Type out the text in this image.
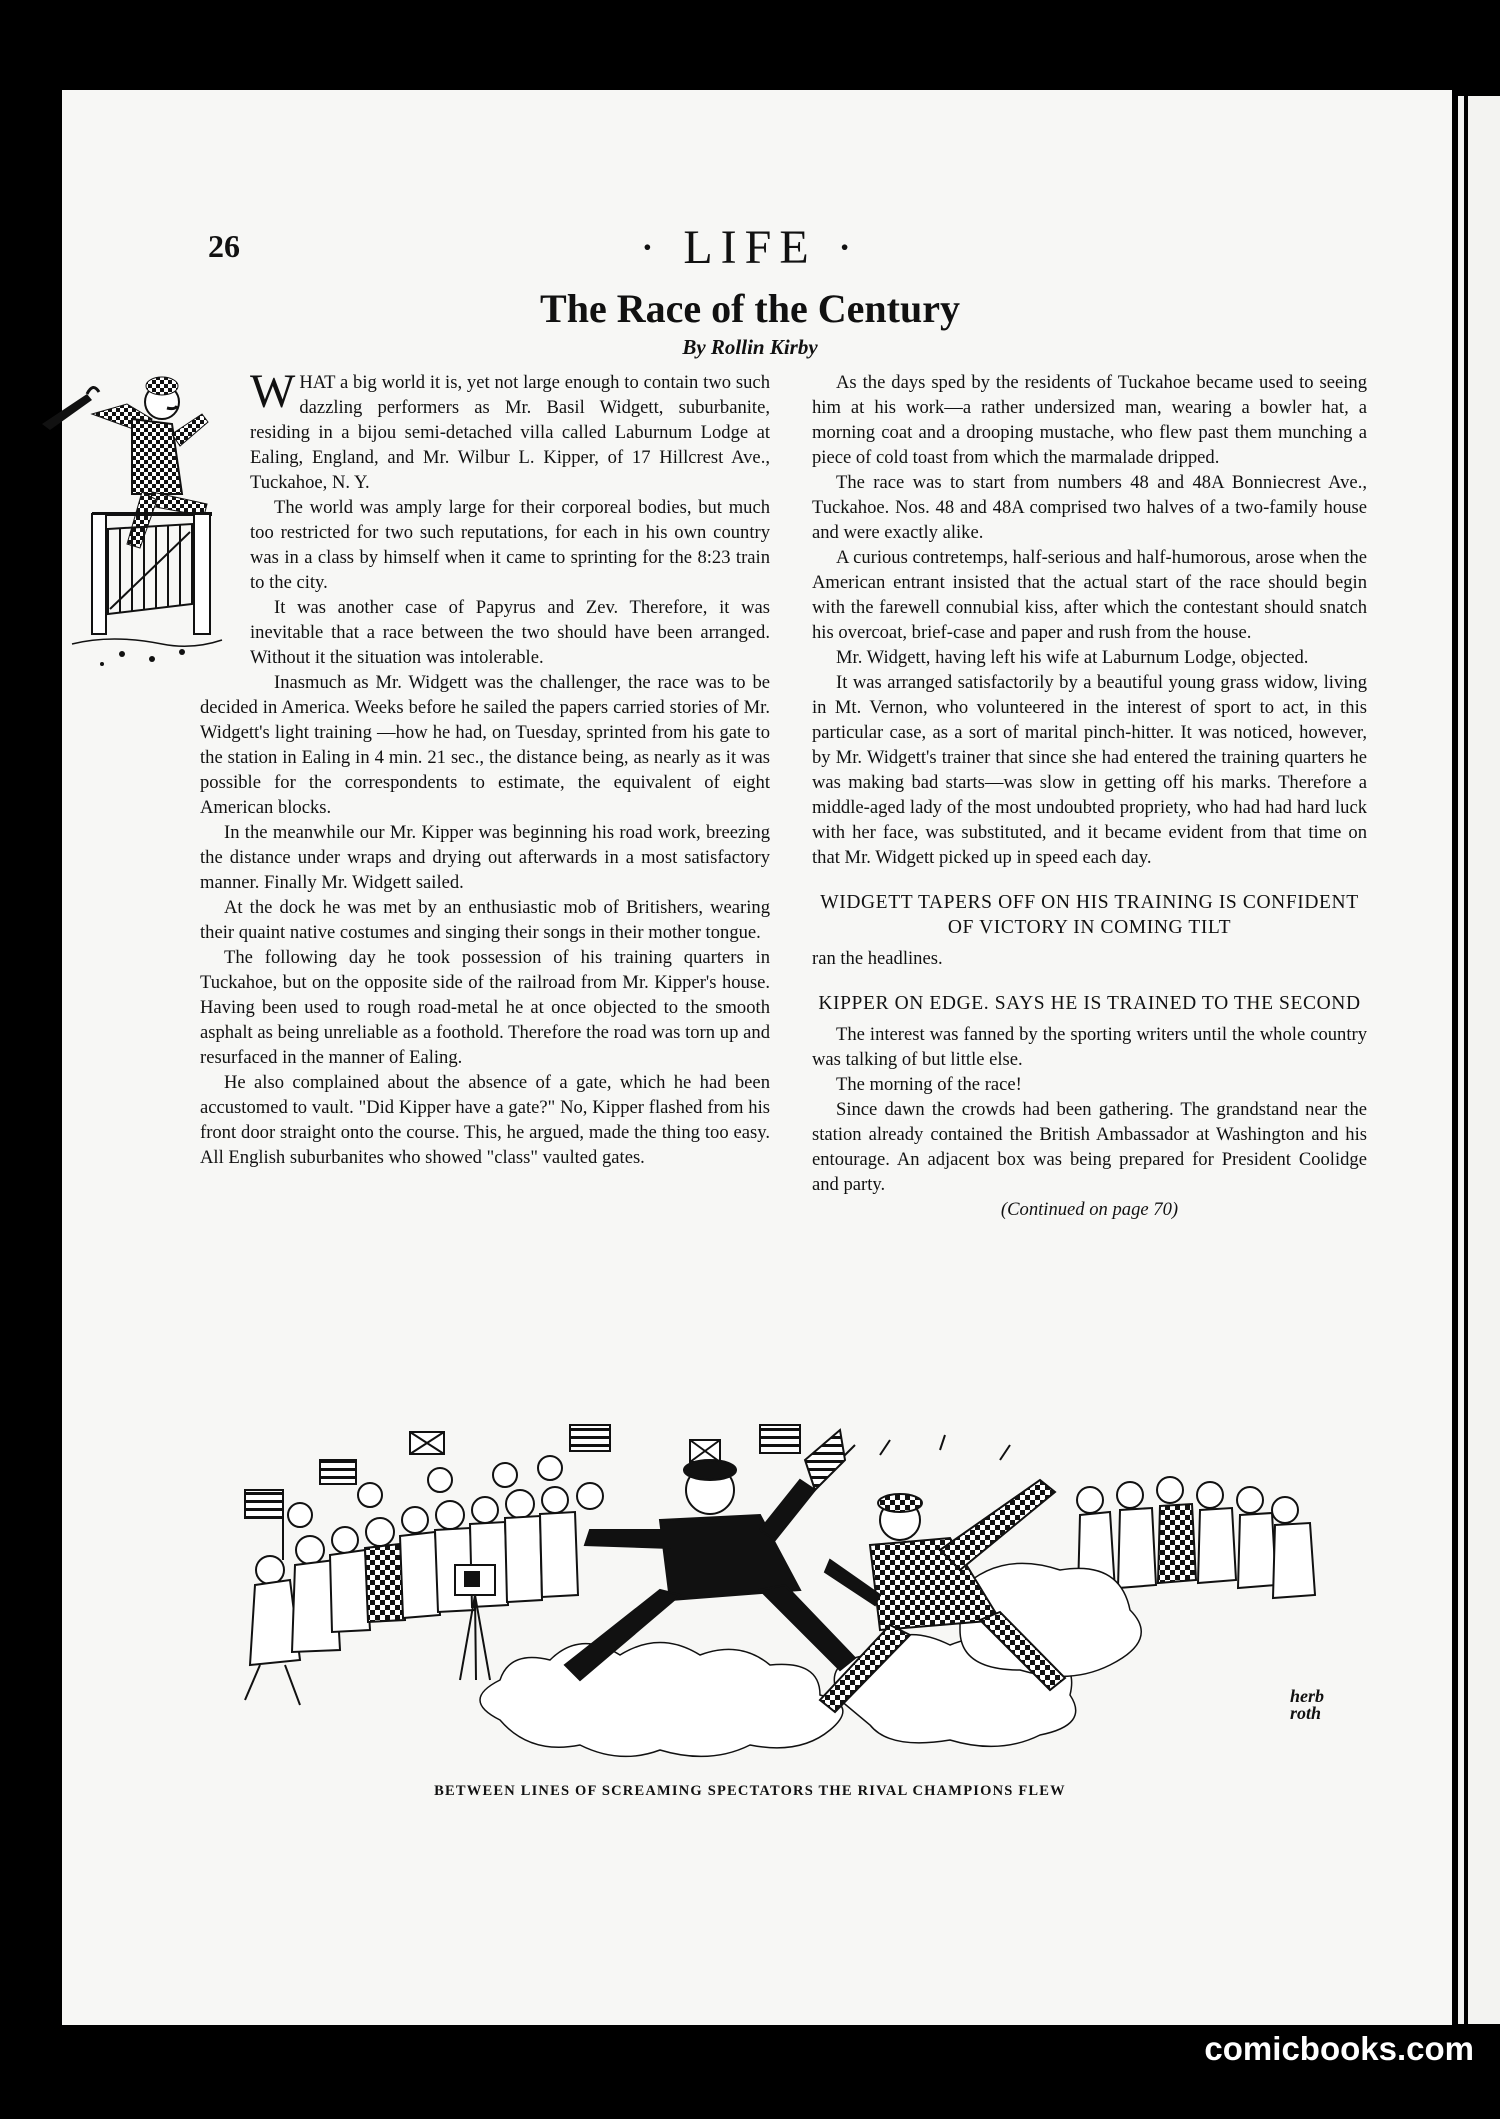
26	· LIFE ·
The Race of the Century
By Rollin Kirby

WHAT a big world it is, yet not large enough to contain two such dazzling performers as Mr. Basil Widgett, suburbanite, residing in a bijou semi-detached villa called Laburnum Lodge at Ealing, England, and Mr. Wilbur L. Kipper, of 17 Hillcrest Ave., Tuckahoe, N. Y.

The world was amply large for their corporeal bodies, but much too restricted for two such reputations, for each in his own country was in a class by himself when it came to sprinting for the 8:23 train to the city.

It was another case of Papyrus and Zev. Therefore, it was inevitable that a race between the two should have been arranged. Without it the situation was intolerable.

Inasmuch as Mr. Widgett was the challenger, the race was to be decided in America. Weeks before he sailed the papers carried stories of Mr. Widgett's light training —how he had, on Tuesday, sprinted from his gate to the station in Ealing in 4 min. 21 sec., the distance being, as nearly as it was possible for the correspondents to estimate, the equivalent of eight American blocks.

In the meanwhile our Mr. Kipper was beginning his road work, breezing the distance under wraps and drying out afterwards in a most satisfactory manner. Finally Mr. Widgett sailed.

At the dock he was met by an enthusiastic mob of Britishers, wearing their quaint native costumes and singing their songs in their mother tongue.

The following day he took possession of his training quarters in Tuckahoe, but on the opposite side of the railroad from Mr. Kipper's house. Having been used to rough road-metal he at once objected to the smooth asphalt as being unreliable as a foothold. Therefore the road was torn up and resurfaced in the manner of Ealing.

He also complained about the absence of a gate, which he had been accustomed to vault. "Did Kipper have a gate?" No, Kipper flashed from his front door straight onto the course. This, he argued, made the thing too easy. All English suburbanites who showed "class" vaulted gates.

As the days sped by the residents of Tuckahoe became used to seeing him at his work—a rather undersized man, wearing a bowler hat, a morning coat and a drooping mustache, who flew past them munching a piece of cold toast from which the marmalade dripped.

The race was to start from numbers 48 and 48A Bonniecrest Ave., Tuckahoe. Nos. 48 and 48A comprised two halves of a two-family house and were exactly alike.

A curious contretemps, half-serious and half-humorous, arose when the American entrant insisted that the actual start of the race should begin with the farewell connubial kiss, after which the contestant should snatch his overcoat, brief-case and paper and rush from the house.

Mr. Widgett, having left his wife at Laburnum Lodge, objected.

It was arranged satisfactorily by a beautiful young grass widow, living in Mt. Vernon, who volunteered in the interest of sport to act, in this particular case, as a sort of marital pinch-hitter. It was noticed, however, by Mr. Widgett's trainer that since she had entered the training quarters he was making bad starts—was slow in getting off his marks. Therefore a middle-aged lady of the most undoubted propriety, who had had hard luck with her face, was substituted, and it became evident from that time on that Mr. Widgett picked up in speed each day.

WIDGETT TAPERS OFF ON HIS TRAINING IS CONFIDENT OF VICTORY IN COMING TILT

ran the headlines.

KIPPER ON EDGE. SAYS HE IS TRAINED TO THE SECOND

The interest was fanned by the sporting writers until the whole country was talking of but little else.

The morning of the race!

Since dawn the crowds had been gathering. The grandstand near the station already contained the British Ambassador at Washington and his entourage. An adjacent box was being prepared for President Coolidge and party.

(Continued on page 70)

herb
roth
BETWEEN LINES OF SCREAMING SPECTATORS THE RIVAL CHAMPIONS FLEW
comicbooks.com
